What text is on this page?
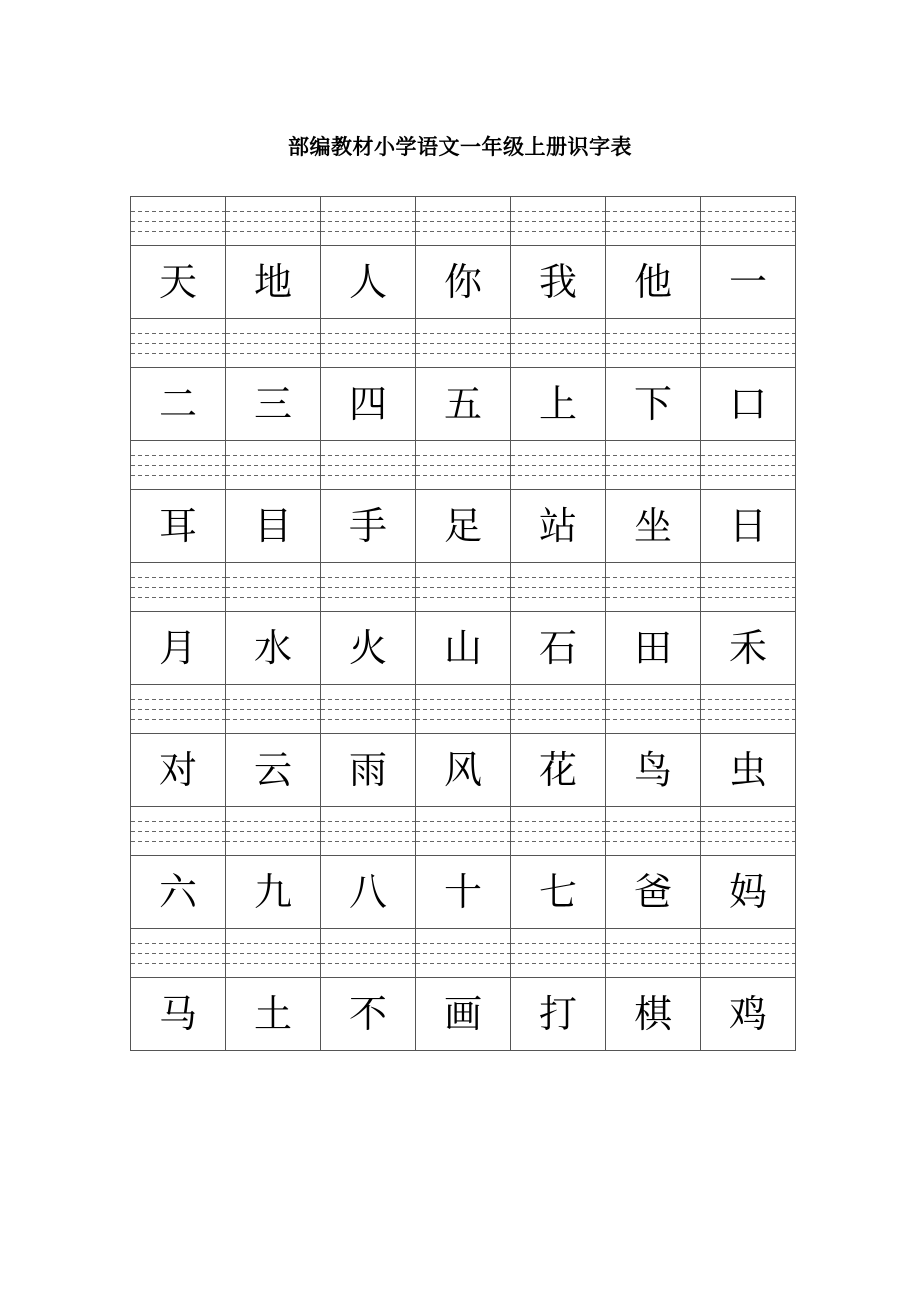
部编教材小学语文一年级上册识字表

天	地	人	你	我	他	一

二	三	四	五	上	下	口

耳	目	手	足	站	坐	日

月	水	火	山	石	田	禾

对	云	雨	风	花	鸟	虫

六	九	八	十	七	爸	妈

马	土	不	画	打	棋	鸡
